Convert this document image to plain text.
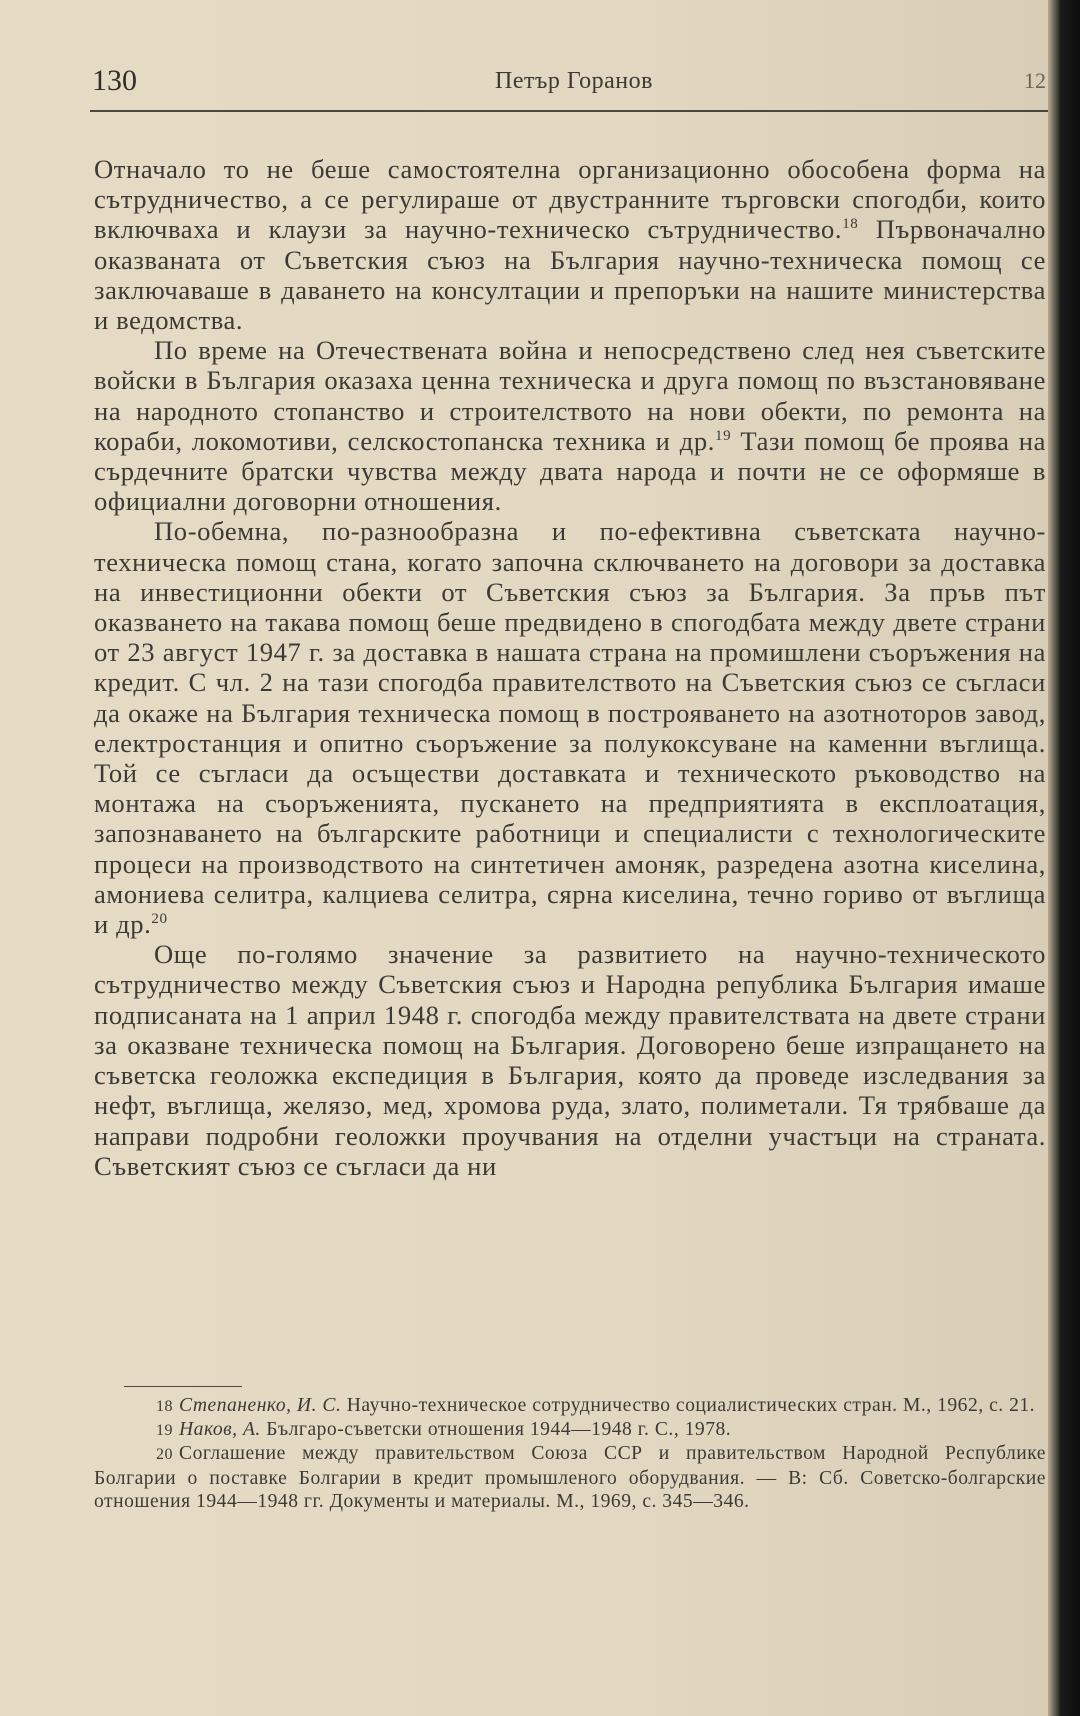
130	Петър Горанов	12

Отначало то не беше самостоятелна организационно обособена форма на сътрудничество, а се регулираше от двустранните търговски спогодби, които включваха и клаузи за научно-техническо сътрудничество.$^{18}$ Първоначално оказваната от Съветския съюз на България научно-техническа помощ се заключаваше в даването на консултации и препоръки на нашите министерства и ведомства.

По време на Отечествената война и непосредствено след нея съветските войски в България оказаха ценна техническа и друга помощ по възстановяване на народното стопанство и строителството на нови обекти, по ремонта на кораби, локомотиви, селскостопанска техника и др.$^{19}$ Тази помощ бе проява на сърдечните братски чувства между двата народа и почти не се оформяше в официални договорни отношения.

По-обемна, по-разнообразна и по-ефективна съветската научно-техническа помощ стана, когато започна сключването на договори за доставка на инвестиционни обекти от Съветския съюз за България. За пръв път оказването на такава помощ беше предвидено в спогодбата между двете страни от 23 август 1947 г. за доставка в нашата страна на промишлени съоръжения на кредит. С чл. 2 на тази спогодба правителството на Съветския съюз се съгласи да окаже на България техническа помощ в построяването на азотноторов завод, електростанция и опитно съоръжение за полукоксуване на каменни въглища. Той се съгласи да осъществи доставката и техническото ръководство на монтажа на съоръженията, пускането на предприятията в експлоатация, запознаването на българските работници и специалисти с технологическите процеси на производството на синтетичен амоняк, разредена азотна киселина, амониева селитра, калциева селитра, сярна киселина, течно гориво от въглища и др.$^{20}$

Още по-голямо значение за развитието на научно-техническото сътрудничество между Съветския съюз и Народна република България имаше подписаната на 1 април 1948 г. спогодба между правителствата на двете страни за оказване техническа помощ на България. Договорено беше изпращането на съветска геоложка експедиция в България, която да проведе изследвания за нефт, въглища, желязо, мед, хромова руда, злато, полиметали. Тя трябваше да направи подробни геоложки проучвания на отделни участъци на страната. Съветският съюз се съгласи да ни

18 Степаненко, И. С. Научно-техническое сотрудничество социалистических стран. М., 1962, с. 21.

19 Наков, А. Българо-съветски отношения 1944—1948 г. С., 1978.

20 Соглашение между правительством Союза ССР и правительством Народной Республике Болгарии о поставке Болгарии в кредит промышленого оборудвания. — В: Сб. Советско-болгарские отношения 1944—1948 гг. Документы и материалы. М., 1969, с. 345—346.
